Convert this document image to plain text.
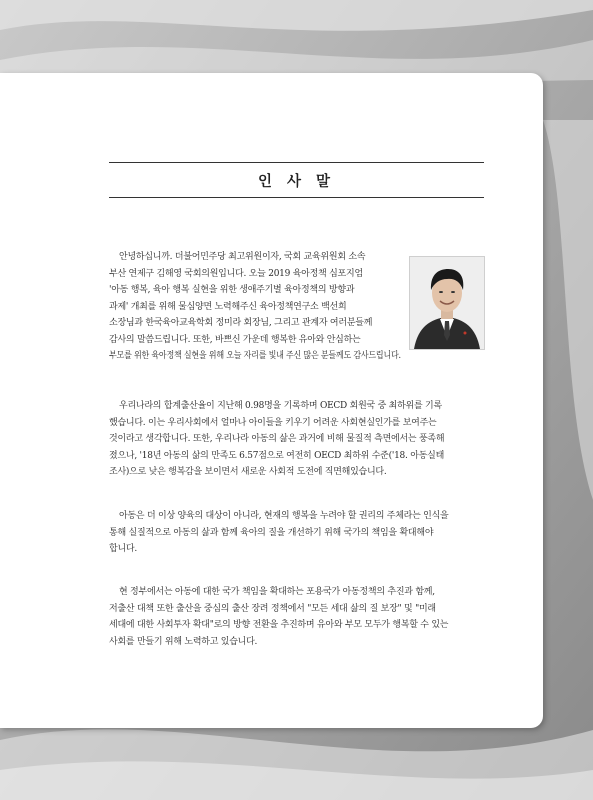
인 사 말
안녕하십니까. 더불어민주당 최고위원이자, 국회 교육위원회 소속
부산 연제구 김해영 국회의원입니다. 오늘 2019 육아정책 심포지엄
'아동 행복, 육아 행복 실현을 위한 생애주기별 육아정책의 방향과
과제' 개최를 위해 물심양면 노력해주신 육아정책연구소 백선희
소장님과 한국육아교육학회 정미라 회장님, 그리고 관계자 여러분들께
감사의 말씀드립니다. 또한, 바쁘신 가운데 행복한 유아와 안심하는
부모를 위한 육아정책 실현을 위해 오늘 자리를 빛내 주신 많은 분들께도 감사드립니다.
우리나라의 합계출산율이 지난해 0.98명을 기록하며 OECD 회원국 중 최하위를 기록
했습니다. 이는 우리사회에서 얼마나 아이들을 키우기 어려운 사회현실인가를 보여주는
것이라고 생각합니다. 또한, 우리나라 아동의 삶은 과거에 비해 물질적 측면에서는 풍족해
졌으나, '18년 아동의 삶의 만족도 6.57점으로 여전히 OECD 최하위 수준('18. 아동실태
조사)으로 낮은 행복감을 보이면서 새로운 사회적 도전에 직면해있습니다.
아동은 더 이상 양육의 대상이 아니라, 현재의 행복을 누려야 할 권리의 주체라는 인식을
통해 실질적으로 아동의 삶과 함께 육아의 질을 개선하기 위해 국가의 책임을 확대해야
합니다.
현 정부에서는 아동에 대한 국가 책임을 확대하는 포용국가 아동정책의 추진과 함께,
저출산 대책 또한 출산을 중심의 출산 장려 정책에서 "모든 세대 삶의 질 보장" 및 "미래
세대에 대한 사회투자 확대"로의 방향 전환을 추진하며 유아와 부모 모두가 행복할 수 있는
사회를 만들기 위해 노력하고 있습니다.
